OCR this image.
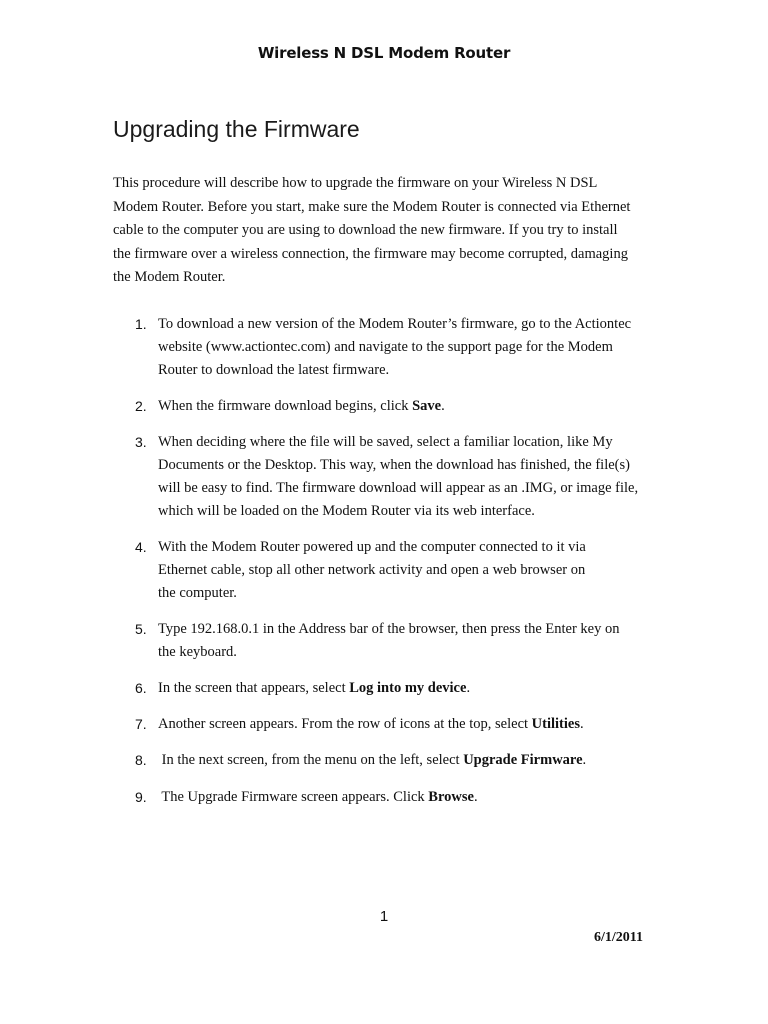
Wireless N DSL Modem Router
Upgrading the Firmware

This procedure will describe how to upgrade the firmware on your Wireless N DSL
Modem Router. Before you start, make sure the Modem Router is connected via Ethernet
cable to the computer you are using to download the new firmware. If you try to install
the firmware over a wireless connection, the firmware may become corrupted, damaging
the Modem Router.

1. To download a new version of the Modem Router’s firmware, go to the Actiontec
website (www.actiontec.com) and navigate to the support page for the Modem
Router to download the latest firmware.
2. When the firmware download begins, click Save.
3. When deciding where the file will be saved, select a familiar location, like My
Documents or the Desktop. This way, when the download has finished, the file(s)
will be easy to find. The firmware download will appear as an .IMG, or image file,
which will be loaded on the Modem Router via its web interface.
4. With the Modem Router powered up and the computer connected to it via
Ethernet cable, stop all other network activity and open a web browser on
the computer.
5. Type 192.168.0.1 in the Address bar of the browser, then press the Enter key on
the keyboard.
6. In the screen that appears, select Log into my device.
7. Another screen appears. From the row of icons at the top, select Utilities.
8. In the next screen, from the menu on the left, select Upgrade Firmware.
9. The Upgrade Firmware screen appears. Click Browse.
1
6/1/2011
